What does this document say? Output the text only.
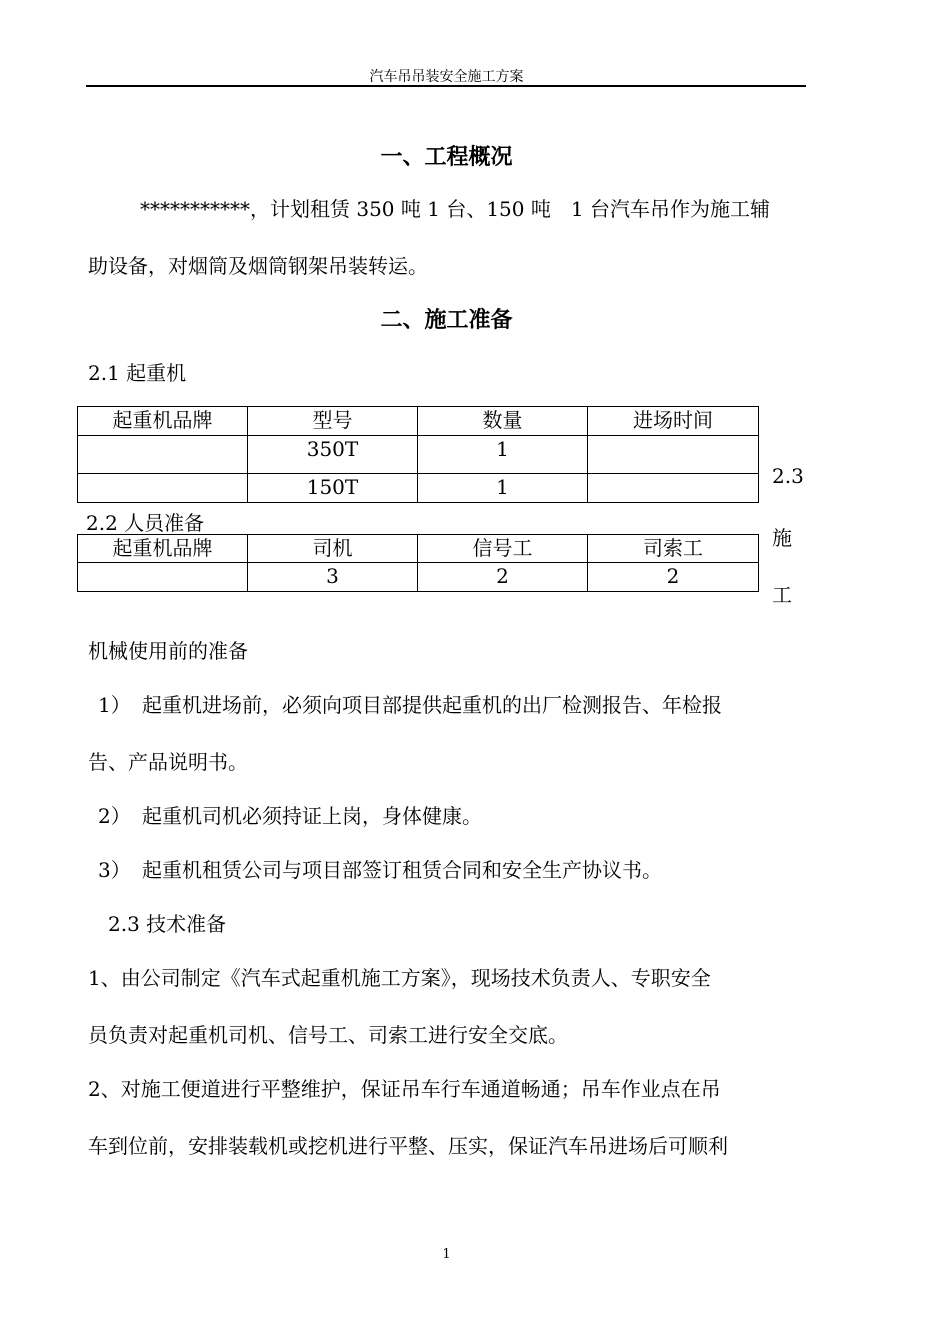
汽车吊吊装安全施工方案
一、工程概况
***********，计划租赁 350 吨 1 台、150 吨　1 台汽车吊作为施工辅
助设备，对烟筒及烟筒钢架吊装转运。
二、施工准备
2.1 起重机
起重机品牌	型号	数量	进场时间
	350T	1	
	150T	1	
2.2 人员准备
起重机品牌	司机	信号工	司索工
	3	2	2
2.3
施
工
机械使用前的准备
1） 起重机进场前，必须向项目部提供起重机的出厂检测报告、年检报
告、产品说明书。
2） 起重机司机必须持证上岗，身体健康。
3） 起重机租赁公司与项目部签订租赁合同和安全生产协议书。
2.3 技术准备
1、由公司制定《汽车式起重机施工方案》，现场技术负责人、专职安全
员负责对起重机司机、信号工、司索工进行安全交底。
2、对施工便道进行平整维护，保证吊车行车通道畅通；吊车作业点在吊
车到位前，安排装载机或挖机进行平整、压实，保证汽车吊进场后可顺利
1
